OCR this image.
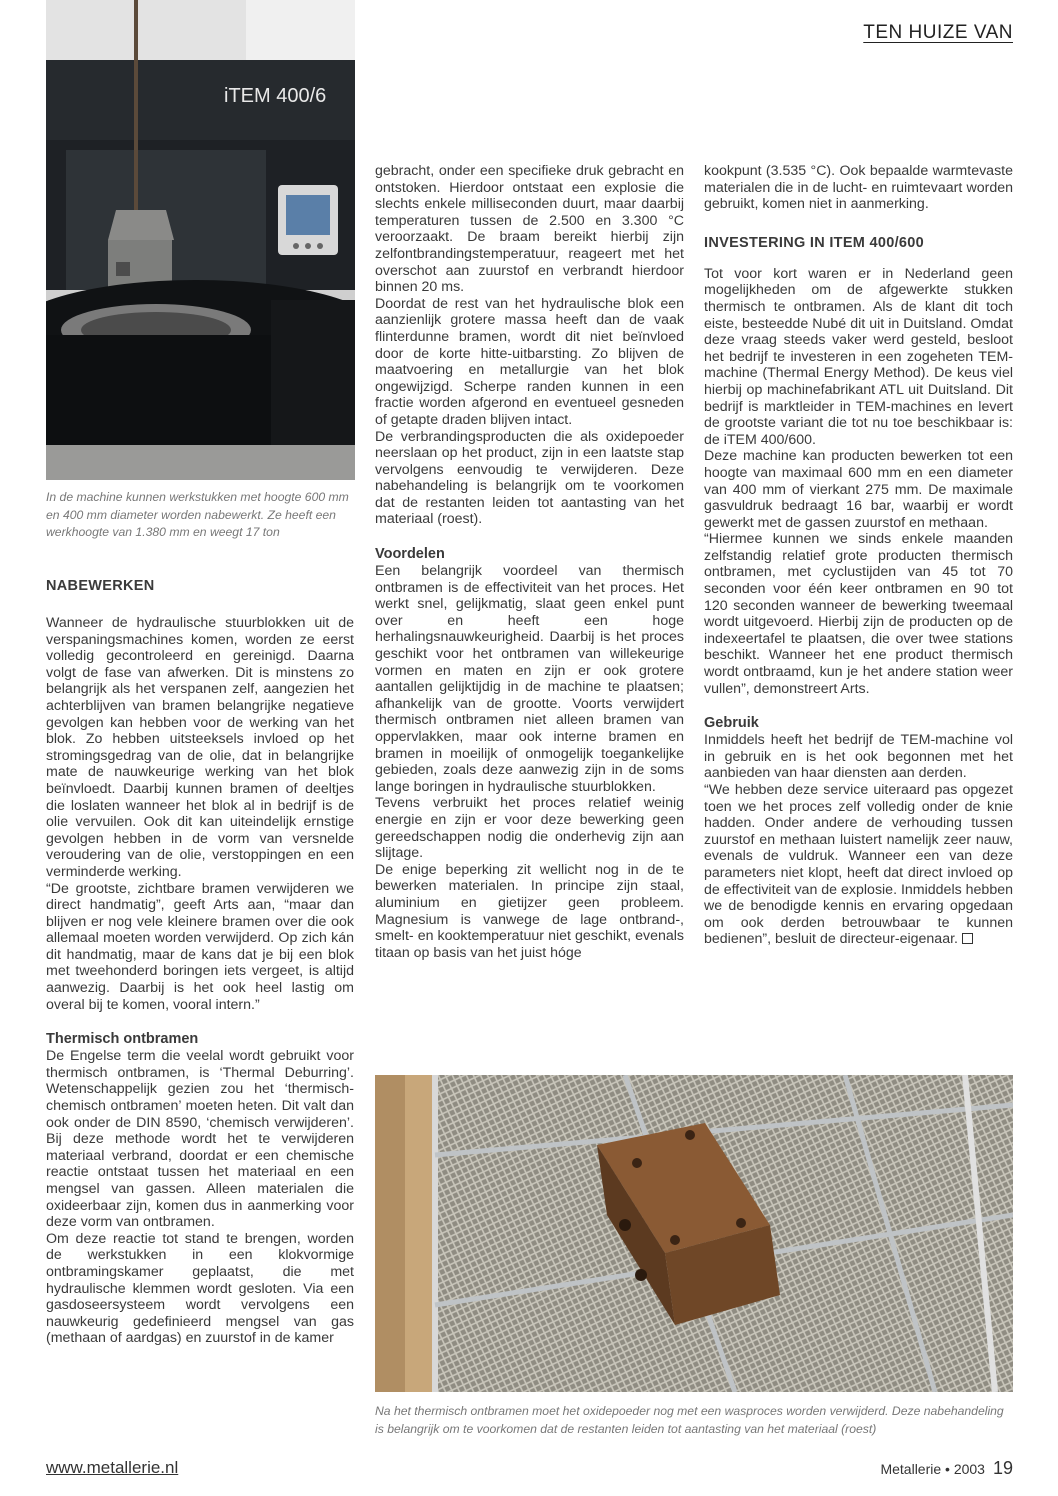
TEN HUIZE VAN
iTEM 400/6
In de machine kunnen werkstukken met hoogte 600 mm en 400 mm diameter worden nabewerkt. Ze heeft een werkhoogte van 1.380 mm en weegt 17 ton
NABEWERKEN

Wanneer de hydraulische stuurblokken uit de verspaningsmachines komen, worden ze eerst volledig gecontroleerd en gereinigd. Daarna volgt de fase van afwerken. Dit is minstens zo belangrijk als het verspanen zelf, aangezien het achterblijven van bramen belangrijke negatieve gevolgen kan hebben voor de werking van het blok. Zo hebben uitsteeksels invloed op het stromingsgedrag van de olie, dat in belangrijke mate de nauwkeurige werking van het blok beïnvloedt. Daarbij kunnen bramen of deeltjes die loslaten wanneer het blok al in bedrijf is de olie vervuilen. Ook dit kan uiteindelijk ernstige gevolgen hebben in de vorm van versnelde veroudering van de olie, verstoppingen en een verminderde werking.

“De grootste, zichtbare bramen verwijderen we direct handmatig”, geeft Arts aan, “maar dan blijven er nog vele kleinere bramen over die ook allemaal moeten worden verwijderd. Op zich kán dit handmatig, maar de kans dat je bij een blok met tweehonderd boringen iets vergeet, is altijd aanwezig. Daarbij is het ook heel lastig om overal bij te komen, vooral intern.”

Thermisch ontbramen

De Engelse term die veelal wordt gebruikt voor thermisch ontbramen, is ‘Thermal Deburring’. Wetenschappelijk gezien zou het ‘thermisch-chemisch ontbramen’ moeten heten. Dit valt dan ook onder de DIN 8590, ‘chemisch verwijderen’. Bij deze methode wordt het te verwijderen materiaal verbrand, doordat er een chemische reactie ontstaat tussen het materiaal en een mengsel van gassen. Alleen materialen die oxideerbaar zijn, komen dus in aanmerking voor deze vorm van ontbramen.

Om deze reactie tot stand te brengen, worden de werkstukken in een klokvormige ontbramingskamer geplaatst, die met hydraulische klemmen wordt gesloten. Via een gasdoseersysteem wordt vervolgens een nauwkeurig gedefinieerd mengsel van gas (methaan of aardgas) en zuurstof in de kamer

gebracht, onder een specifieke druk gebracht en ontstoken. Hierdoor ontstaat een explosie die slechts enkele milliseconden duurt, maar daarbij temperaturen tussen de 2.500 en 3.300 °C veroorzaakt. De braam bereikt hierbij zijn zelfontbrandingstemperatuur, reageert met het overschot aan zuurstof en verbrandt hierdoor binnen 20 ms.

Doordat de rest van het hydraulische blok een aanzienlijk grotere massa heeft dan de vaak flinterdunne bramen, wordt dit niet beïnvloed door de korte hitte-uitbarsting. Zo blijven de maatvoering en metallurgie van het blok ongewijzigd. Scherpe randen kunnen in een fractie worden afgerond en eventueel gesneden of getapte draden blijven intact.

De verbrandingsproducten die als oxidepoeder neerslaan op het product, zijn in een laatste stap vervolgens eenvoudig te verwijderen. Deze nabehandeling is belangrijk om te voorkomen dat de restanten leiden tot aantasting van het materiaal (roest).

Voordelen

Een belangrijk voordeel van thermisch ontbramen is de effectiviteit van het proces. Het werkt snel, gelijkmatig, slaat geen enkel punt over en heeft een hoge herhalingsnauwkeurigheid. Daarbij is het proces geschikt voor het ontbramen van willekeurige vormen en maten en zijn er ook grotere aantallen gelijktijdig in de machine te plaatsen; afhankelijk van de grootte. Voorts verwijdert thermisch ontbramen niet alleen bramen van oppervlakken, maar ook interne bramen en bramen in moeilijk of onmogelijk toegankelijke gebieden, zoals deze aanwezig zijn in de soms lange boringen in hydraulische stuurblokken.

Tevens verbruikt het proces relatief weinig energie en zijn er voor deze bewerking geen gereedschappen nodig die onderhevig zijn aan slijtage.

De enige beperking zit wellicht nog in de te bewerken materialen. In principe zijn staal, aluminium en gietijzer geen probleem. Magnesium is vanwege de lage ontbrand-, smelt- en kooktemperatuur niet geschikt, evenals titaan op basis van het juist hóge

kookpunt (3.535 °C). Ook bepaalde warmtevaste materialen die in de lucht- en ruimtevaart worden gebruikt, komen niet in aanmerking.

INVESTERING IN ITEM 400/600

Tot voor kort waren er in Nederland geen mogelijkheden om de afgewerkte stukken thermisch te ontbramen. Als de klant dit toch eiste, besteedde Nubé dit uit in Duitsland. Omdat deze vraag steeds vaker werd gesteld, besloot het bedrijf te investeren in een zogeheten TEM-machine (Thermal Energy Method). De keus viel hierbij op machinefabrikant ATL uit Duitsland. Dit bedrijf is marktleider in TEM-machines en levert de grootste variant die tot nu toe beschikbaar is: de iTEM 400/600.

Deze machine kan producten bewerken tot een hoogte van maximaal 600 mm en een diameter van 400 mm of vierkant 275 mm. De maximale gasvuldruk bedraagt 16 bar, waarbij er wordt gewerkt met de gassen zuurstof en methaan.

“Hiermee kunnen we sinds enkele maanden zelfstandig relatief grote producten thermisch ontbramen, met cyclustijden van 45 tot 70 seconden voor één keer ontbramen en 90 tot 120 seconden wanneer de bewerking tweemaal wordt uitgevoerd. Hierbij zijn de producten op de indexeertafel te plaatsen, die over twee stations beschikt. Wanneer het ene product thermisch wordt ontbraamd, kun je het andere station weer vullen”, demonstreert Arts.

Gebruik

Inmiddels heeft het bedrijf de TEM-machine vol in gebruik en is het ook begonnen met het aanbieden van haar diensten aan derden.

“We hebben deze service uiteraard pas opgezet toen we het proces zelf volledig onder de knie hadden. Onder andere de verhouding tussen zuurstof en methaan luistert namelijk zeer nauw, evenals de vuldruk. Wanneer een van deze parameters niet klopt, heeft dat direct invloed op de effectiviteit van de explosie. Inmiddels hebben we de benodigde kennis en ervaring opgedaan om ook derden betrouwbaar te kunnen bedienen”, besluit de directeur-eigenaar.

Na het thermisch ontbramen moet het oxidepoeder nog met een wasproces worden verwijderd. Deze nabehandeling is belangrijk om te voorkomen dat de restanten leiden tot aantasting van het materiaal (roest)
www.metallerie.nl	Metallerie • 2003 19
